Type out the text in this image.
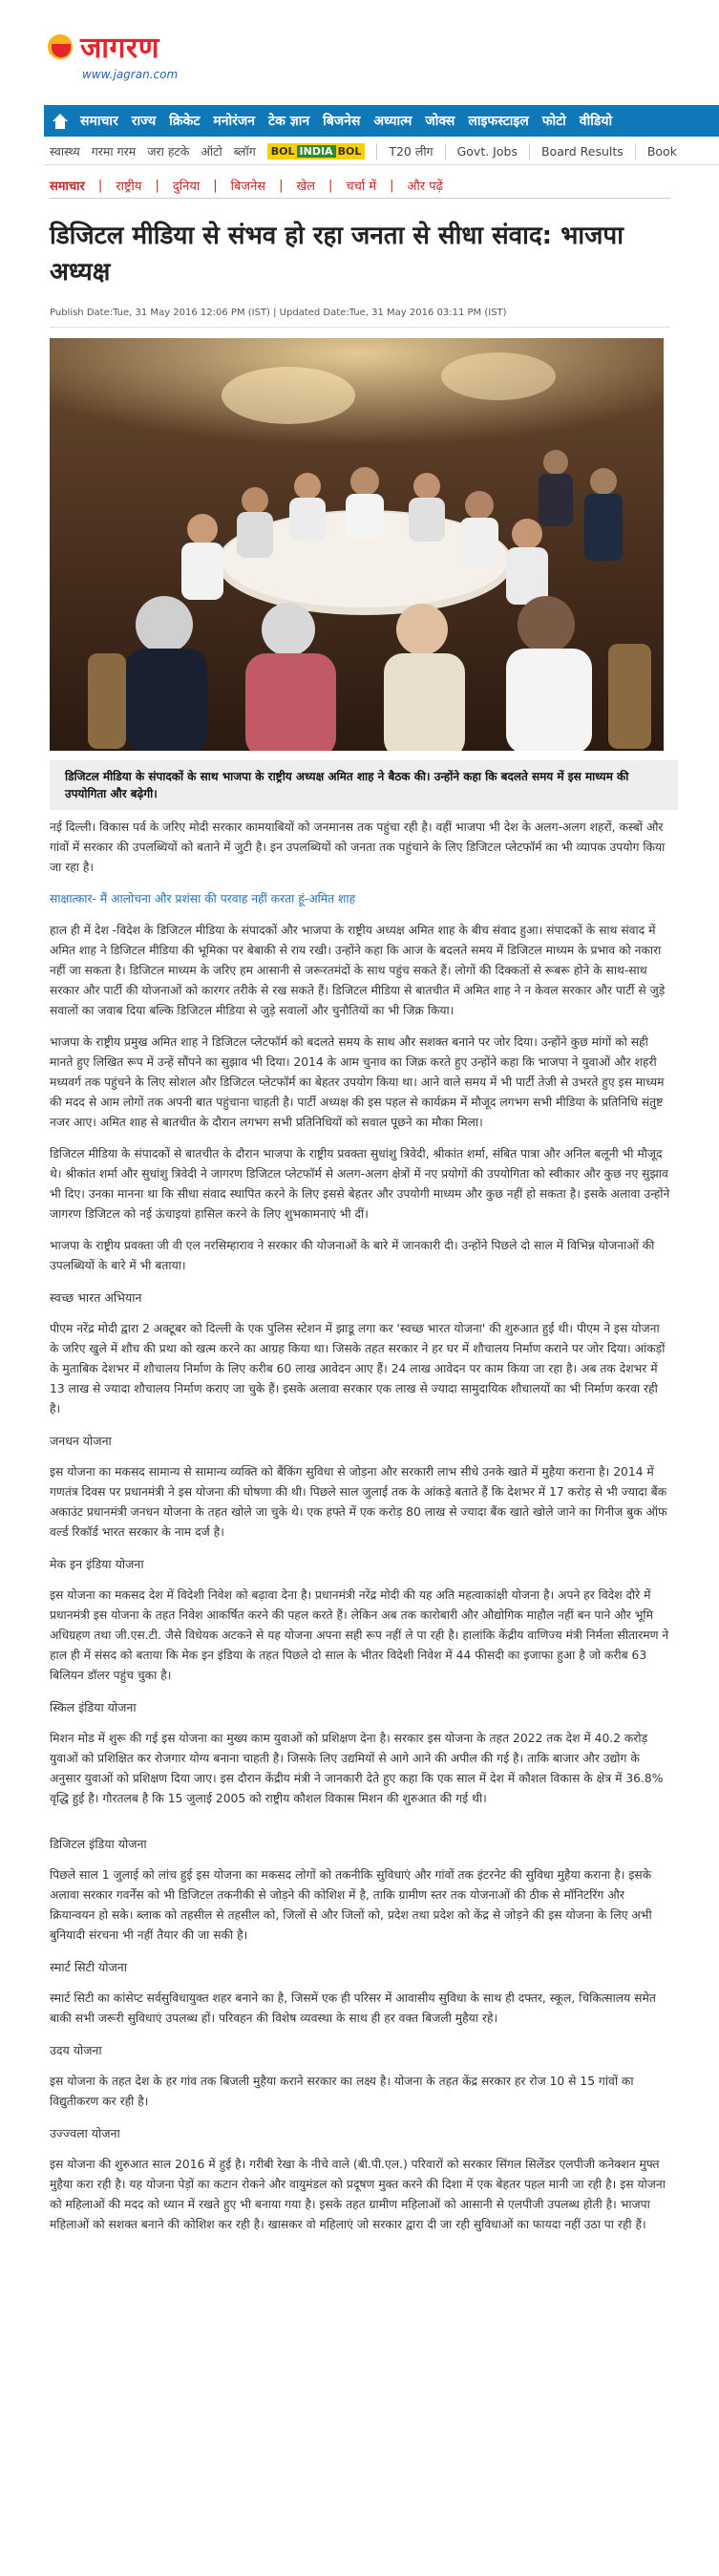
जागरण
www.jagran.com
समाचार राज्य क्रिकेट मनोरंजन टेक ज्ञान बिजनेस अध्यात्म जोक्स लाइफस्टाइल फोटो वीडियो
स्वास्थ्य गरमा गरम जरा हटके ऑटो ब्लॉग BOL INDIA BOL T20 लीग Govt. Jobs Board Results Book
समाचार | राष्ट्रीय | दुनिया | बिजनेस | खेल | चर्चा में | और पढ़ें
डिजिटल मीडिया से संभव हो रहा जनता से सीधा संवाद: भाजपा अध्यक्ष
Publish Date:Tue, 31 May 2016 12:06 PM (IST) | Updated Date:Tue, 31 May 2016 03:11 PM (IST)
डिजिटल मीडिया के संपादकों के साथ भाजपा के राष्ट्रीय अध्यक्ष अमित शाह ने बैठक की। उन्होंने कहा कि बदलते समय में इस माध्यम की उपयोगिता और बढ़ेगी।

नई दिल्ली। विकास पर्व के जरिए मोदी सरकार कामयाबियों को जनमानस तक पहुंचा रही है। वहीं भाजपा भी देश के अलग-अलग शहरों, कस्बों और गांवों में सरकार की उपलब्धियों को बताने में जुटी है। इन उपलब्धियों को जनता तक पहुंचाने के लिए डिजिटल प्लेटफॉर्म का भी व्यापक उपयोग किया जा रहा है।

साक्षात्कार- मैं आलोचना और प्रशंसा की परवाह नहीं करता हूं-अमित शाह

हाल ही में देश -विदेश के डिजिटल मीडिया के संपादकों और भाजपा के राष्ट्रीय अध्यक्ष अमित शाह के बीच संवाद हुआ। संपादकों के साथ संवाद में अमित शाह ने डिजिटल मीडिया की भूमिका पर बेबाकी से राय रखी। उन्होंने कहा कि आज के बदलते समय में डिजिटल माध्यम के प्रभाव को नकारा नहीं जा सकता है। डिजिटल माध्यम के जरिए हम आसानी से जरूरतमंदों के साथ पहुंच सकते हैं। लोगों की दिक्कतों से रूबरू होने के साथ-साथ सरकार और पार्टी की योजनाओं को कारगर तरीके से रख सकते हैं। डिजिटल मीडिया से बातचीत में अमित शाह ने न केवल सरकार और पार्टी से जुड़े सवालों का जवाब दिया बल्कि डिजिटल मीडिया से जुड़े सवालों और चुनौतियों का भी जिक्र किया।

भाजपा के राष्ट्रीय प्रमुख अमित शाह ने डिजिटल प्लेटफॉर्म को बदलते समय के साथ और सशक्त बनाने पर जोर दिया। उन्होंने कुछ मांगों को सही मानते हुए लिखित रूप में उन्हें सौंपने का सुझाव भी दिया। 2014 के आम चुनाव का जिक्र करते हुए उन्होंने कहा कि भाजपा ने युवाओं और शहरी मध्यवर्ग तक पहुंचने के लिए सोशल और डिजिटल प्लेटफॉर्म का बेहतर उपयोग किया था। आने वाले समय में भी पार्टी तेजी से उभरते हुए इस माध्यम की मदद से आम लोगों तक अपनी बात पहुंचाना चाहती है। पार्टी अध्यक्ष की इस पहल से कार्यक्रम में मौजूद लगभग सभी मीडिया के प्रतिनिधि संतुष्ट नजर आए। अमित शाह से बातचीत के दौरान लगभग सभी प्रतिनिधियों को सवाल पूछने का मौका मिला।

डिजिटल मीडिया के संपादकों से बातचीत के दौरान भाजपा के राष्ट्रीय प्रवक्ता सुधांशु त्रिवेदी, श्रीकांत शर्मा, संबित पात्रा और अनिल बलूनी भी मौजूद थे। श्रीकांत शर्मा और सुधांशु त्रिवेदी ने जागरण डिजिटल प्लेटफॉर्म से अलग-अलग क्षेत्रों में नए प्रयोगों की उपयोगिता को स्वीकार और कुछ नए सुझाव भी दिए। उनका मानना था कि सीधा संवाद स्थापित करने के लिए इससे बेहतर और उपयोगी माध्यम और कुछ नहीं हो सकता है। इसके अलावा उन्होंने जागरण डिजिटल को नई ऊंचाइयां हासिल करने के लिए शुभकामनाएं भी दीं।

भाजपा के राष्ट्रीय प्रवक्ता जी वी एल नरसिम्हाराव ने सरकार की योजनाओं के बारे में जानकारी दी। उन्होंने पिछले दो साल में विभिन्न योजनाओं की उपलब्धियों के बारे में भी बताया।

स्वच्छ भारत अभियान

पीएम नरेंद्र मोदी द्वारा 2 अक्टूबर को दिल्ली के एक पुलिस स्टेशन में झाडू लगा कर 'स्वच्छ भारत योजना' की शुरुआत हुई थी। पीएम ने इस योजना के जरिए खुले में शौच की प्रथा को खत्म करने का आग्रह किया था। जिसके तहत सरकार ने हर घर में शौचालय निर्माण कराने पर जोर दिया। आंकड़ों के मुताबिक देशभर में शौचालय निर्माण के लिए करीब 60 लाख आवेदन आए हैं। 24 लाख आवेदन पर काम किया जा रहा है। अब तक देशभर में 13 लाख से ज्यादा शौचालय निर्माण कराए जा चुके हैं। इसके अलावा सरकार एक लाख से ज्यादा सामुदायिक शौचालयों का भी निर्माण करवा रही है।

जनधन योजना

इस योजना का मकसद सामान्य से सामान्य व्यक्ति को बैंकिंग सुविधा से जोड़ना और सरकारी लाभ सीधे उनके खाते में मुहैया कराना है। 2014 में गणतंत्र दिवस पर प्रधानमंत्री ने इस योजना की घोषणा की थी। पिछले साल जुलाई तक के आंकड़े बताते हैं कि देशभर में 17 करोड़ से भी ज्यादा बैंक अकाउंट प्रधानमंत्री जनधन योजना के तहत खोले जा चुके थे। एक हफ्ते में एक करोड़ 80 लाख से ज्यादा बैंक खाते खोले जाने का गिनीज बुक ऑफ वर्ल्ड रिकॉर्ड भारत सरकार के नाम दर्ज है।

मेक इन इंडिया योजना

इस योजना का मकसद देश में विदेशी निवेश को बढ़ावा देना है। प्रधानमंत्री नरेंद्र मोदी की यह अति महत्वाकांक्षी योजना है। अपने हर विदेश दौरे में प्रधानमंत्री इस योजना के तहत निवेश आकर्षित करने की पहल करते हैं। लेकिन अब तक कारोबारी और औद्योगिक माहौल नहीं बन पाने और भूमि अधिग्रहण तथा जी.एस.टी. जैसे विधेयक अटकने से यह योजना अपना सही रूप नहीं ले पा रही है। हालांकि केंद्रीय वाणिज्य मंत्री निर्मला सीतारमण ने हाल ही में संसद को बताया कि मेक इन इंडिया के तहत पिछले दो साल के भीतर विदेशी निवेश में 44 फीसदी का इजाफा हुआ है जो करीब 63 बिलियन डॉलर पहुंच चुका है।

स्किल इंडिया योजना

मिशन मोड में शुरू की गई इस योजना का मुख्य काम युवाओं को प्रशिक्षण देना है। सरकार इस योजना के तहत 2022 तक देश में 40.2 करोड़ युवाओं को प्रशिक्षित कर रोजगार योग्य बनाना चाहती है। जिसके लिए उद्यमियों से आगे आने की अपील की गई है। ताकि बाजार और उद्योग के अनुसार युवाओं को प्रशिक्षण दिया जाए। इस दौरान केंद्रीय मंत्री ने जानकारी देते हुए कहा कि एक साल में देश में कौशल विकास के क्षेत्र में 36.8% वृद्धि हुई है। गौरतलब है कि 15 जुलाई 2005 को राष्ट्रीय कौशल विकास मिशन की शुरुआत की गई थी।

डिजिटल इंडिया योजना

पिछले साल 1 जुलाई को लांच हुई इस योजना का मकसद लोगों को तकनीकि सुविधाएं और गांवों तक इंटरनेट की सुविधा मुहैया कराना है। इसके अलावा सरकार गवर्नेंस को भी डिजिटल तकनीकी से जोड़ने की कोशिश में है, ताकि ग्रामीण स्तर तक योजनाओं की ठीक से मॉनिटरिंग और क्रियान्वयन हो सके। ब्लाक को तहसील से तहसील को, जिलों से और जिलों को, प्रदेश तथा प्रदेश को केंद्र से जोड़ने की इस योजना के लिए अभी बुनियादी संरचना भी नहीं तैयार की जा सकी है।

स्मार्ट सिटी योजना

स्मार्ट सिटी का कांसेप्ट सर्वसुविधायुक्त शहर बनाने का है, जिसमें एक ही परिसर में आवासीय सुविधा के साथ ही दफ्तर, स्कूल, चिकित्सालय समेत बाकी सभी जरूरी सुविधाएं उपलब्ध हों। परिवहन की विशेष व्यवस्था के साथ ही हर वक्त बिजली मुहैया रहे।

उदय योजना

इस योजना के तहत देश के हर गांव तक बिजली मुहैया कराने सरकार का लक्ष्य है। योजना के तहत केंद्र सरकार हर रोज 10 से 15 गांवों का विद्युतीकरण कर रही है।

उज्ज्वला योजना

इस योजना की शुरुआत साल 2016 में हुई है। गरीबी रेखा के नीचे वाले (बी.पी.एल.) परिवारों को सरकार सिंगल सिलेंडर एलपीजी कनेक्शन मुफ्त मुहैया करा रही है। यह योजना पेड़ों का कटान रोकने और वायुमंडल को प्रदूषण मुक्त करने की दिशा में एक बेहतर पहल मानी जा रही है। इस योजना को महिलाओं की मदद को ध्यान में रखते हुए भी बनाया गया है। इसके तहत ग्रामीण महिलाओं को आसानी से एलपीजी उपलब्ध होती है। भाजपा महिलाओं को सशक्त बनाने की कोशिश कर रही है। खासकर वो महिलाएं जो सरकार द्वारा दी जा रही सुविधाओं का फायदा नहीं उठा पा रही हैं।
